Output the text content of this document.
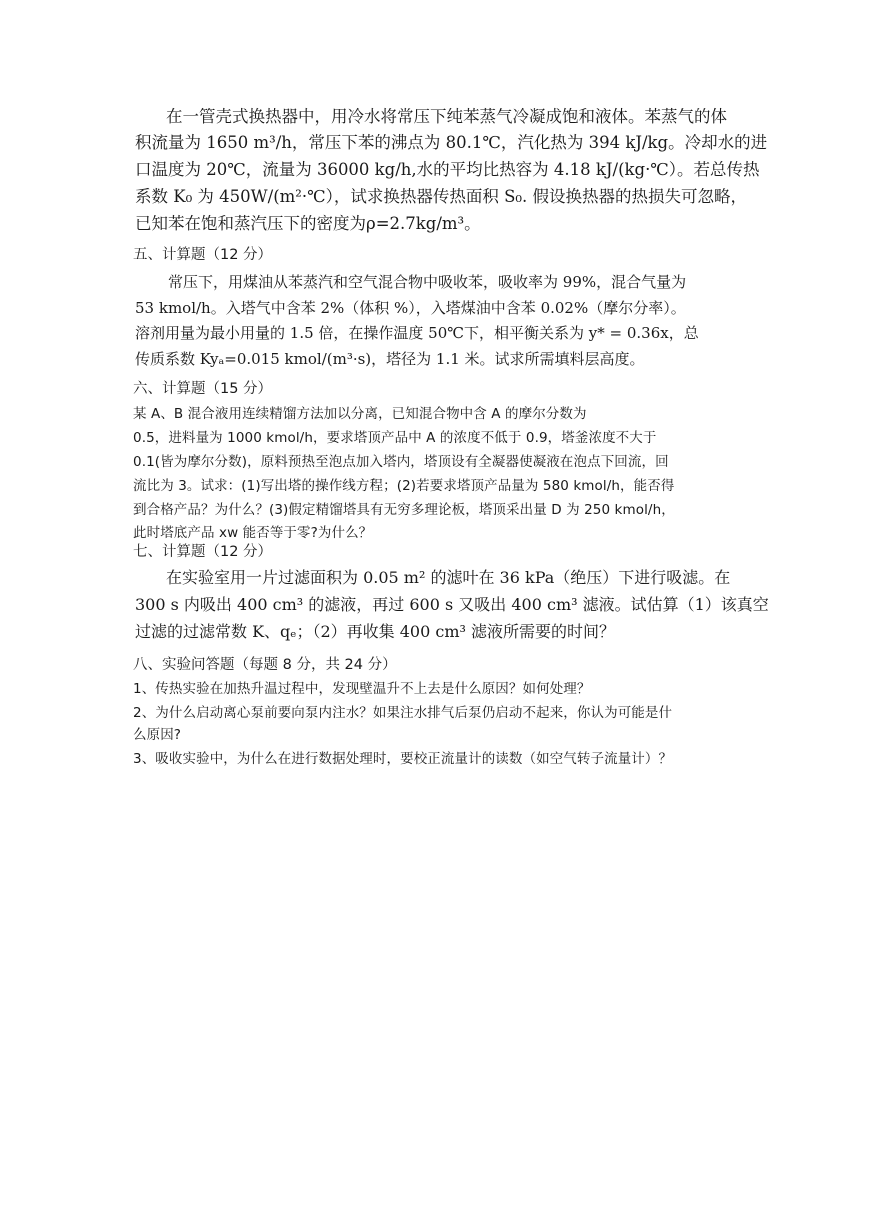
在一管壳式换热器中，用冷水将常压下纯苯蒸气冷凝成饱和液体。苯蒸气的体

积流量为 1650 m³/h，常压下苯的沸点为 80.1℃，汽化热为 394 kJ/kg。冷却水的进

口温度为 20℃，流量为 36000 kg/h,水的平均比热容为 4.18 kJ/(kg·℃）。若总传热

系数 K₀ 为 450W/(m²·℃），试求换热器传热面积 S₀. 假设换热器的热损失可忽略，

已知苯在饱和蒸汽压下的密度为ρ=2.7kg/m³。

五、计算题（12 分）

常压下，用煤油从苯蒸汽和空气混合物中吸收苯，吸收率为 99%，混合气量为

53 kmol/h。入塔气中含苯 2%（体积 %），入塔煤油中含苯 0.02%（摩尔分率）。

溶剂用量为最小用量的 1.5 倍，在操作温度 50℃下，相平衡关系为 y* = 0.36x，总

传质系数 Kyₐ=0.015 kmol/(m³·s)，塔径为 1.1 米。试求所需填料层高度。

六、计算题（15 分）

某 A、B 混合液用连续精馏方法加以分离，已知混合物中含 A 的摩尔分数为

0.5，进料量为 1000 kmol/h，要求塔顶产品中 A 的浓度不低于 0.9，塔釜浓度不大于

0.1(皆为摩尔分数)，原料预热至泡点加入塔内，塔顶设有全凝器使凝液在泡点下回流，回

流比为 3。试求：(1)写出塔的操作线方程；(2)若要求塔顶产品量为 580 kmol/h，能否得

到合格产品？为什么？(3)假定精馏塔具有无穷多理论板，塔顶采出量 D 为 250 kmol/h，

此时塔底产品 xw 能否等于零?为什么？

七、计算题（12 分）

在实验室用一片过滤面积为 0.05 m² 的滤叶在 36 kPa（绝压）下进行吸滤。在

300 s 内吸出 400 cm³ 的滤液，再过 600 s 又吸出 400 cm³ 滤液。试估算（1）该真空

过滤的过滤常数 K、qₑ；（2）再收集 400 cm³ 滤液所需要的时间？

八、实验问答题（每题 8 分，共 24 分）

1、传热实验在加热升温过程中，发现壁温升不上去是什么原因？如何处理？

2、为什么启动离心泵前要向泵内注水？如果注水排气后泵仍启动不起来，你认为可能是什

么原因?

3、吸收实验中，为什么在进行数据处理时，要校正流量计的读数（如空气转子流量计）？
